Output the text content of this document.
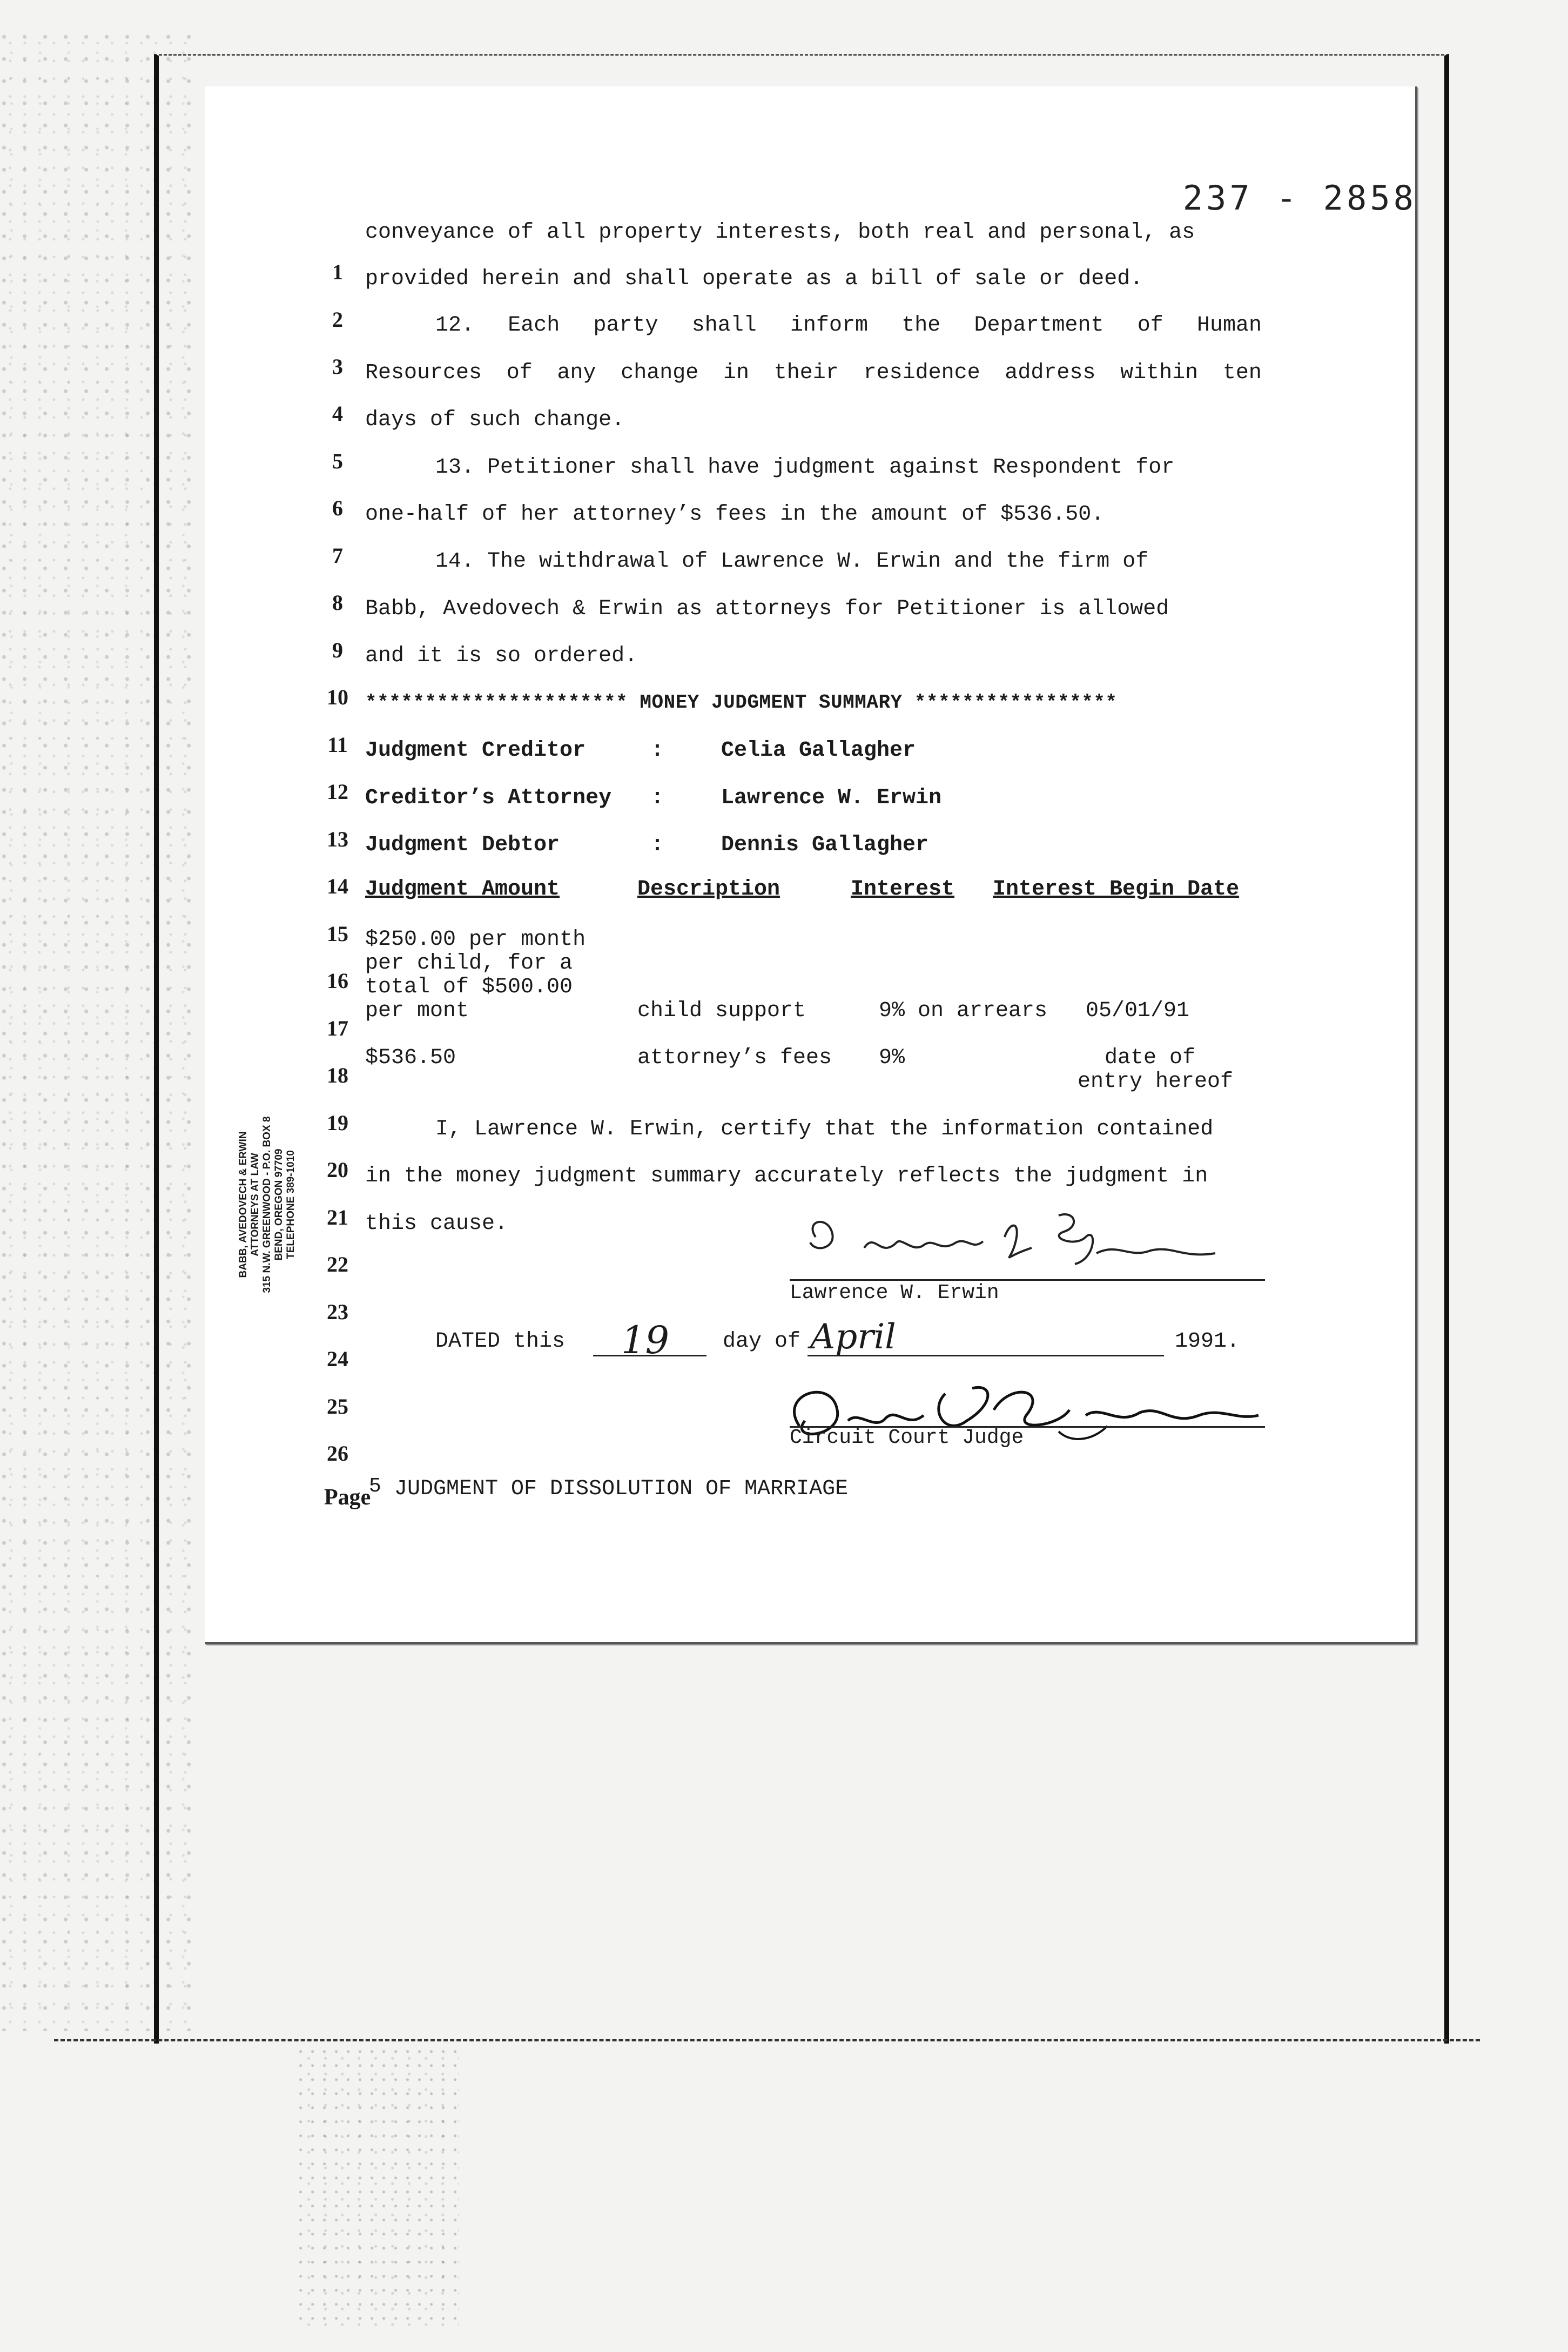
237 - 2858
1
2
3
4
5
6
7
8
9
10
11
12
13
14
15
16
17
18
19
20
21
22
23
24
25
26
conveyance of all property interests, both real and personal, as
provided herein and shall operate as a bill of sale or deed.
12. Each party shall inform the Department of Human
Resources of any change in their residence address within ten
days of such change.
13. Petitioner shall have judgment against Respondent for
one-half of her attorney’s fees in the amount of $536.50.
14. The withdrawal of Lawrence W. Erwin and the firm of
Babb, Avedovech & Erwin as attorneys for Petitioner is allowed
and it is so ordered.
********************** MONEY JUDGMENT SUMMARY *****************
Judgment Creditor	:	Celia Gallagher
Creditor’s Attorney :	Lawrence W. Erwin
Judgment Debtor	:	Dennis Gallagher
Judgment Amount	Description	Interest Interest Begin Date
$250.00 per month
per child, for a
total of $500.00
per mont	child support	9% on arrears 05/01/91
$536.50	attorney’s fees 9%	date of
entry hereof
I, Lawrence W. Erwin, certify that the information contained
in the money judgment summary accurately reflects the judgment in
this cause.
Lawrence W. Erwin
DATED this 19 day of April	1991.
Circuit Court Judge
Page
5 JUDGMENT OF DISSOLUTION OF MARRIAGE
BABB, AVEDOVECH & ERWIN ATTORNEYS AT LAW 315 N.W. GREENWOOD - P.O. BOX 8 BEND, OREGON 97709 TELEPHONE 389-1010
